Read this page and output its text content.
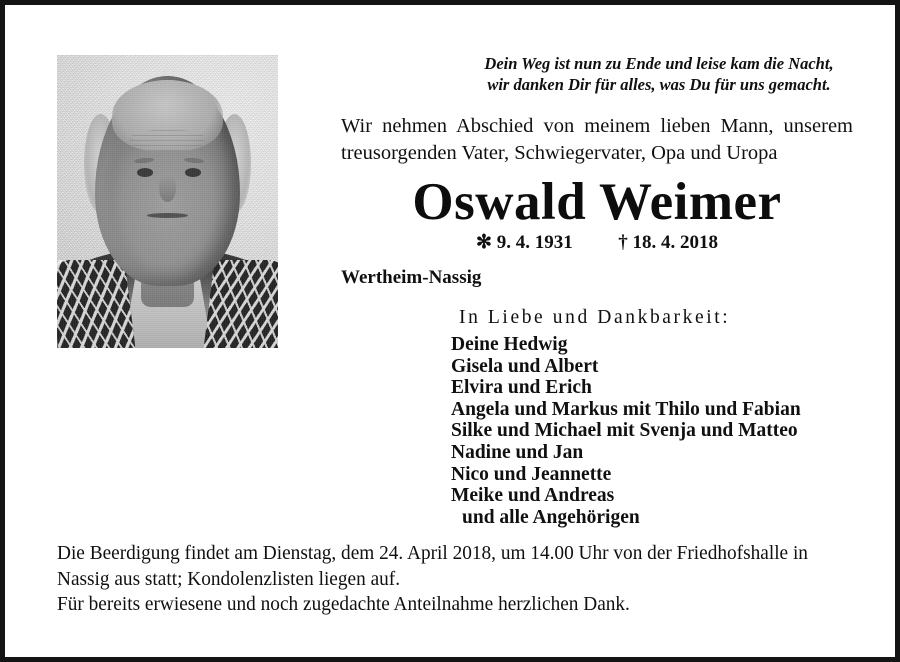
Dein Weg ist nun zu Ende und leise kam die Nacht,
wir danken Dir für alles, was Du für uns gemacht.
Wir nehmen Abschied von meinem lieben Mann, unserem treusorgenden Vater, Schwiegervater, Opa und Uropa
Oswald Weimer
✻ 9. 4. 1931 † 18. 4. 2018
Wertheim-Nassig
In Liebe und Dankbarkeit:
Deine Hedwig
Gisela und Albert
Elvira und Erich
Angela und Markus mit Thilo und Fabian
Silke und Michael mit Svenja und Matteo
Nadine und Jan
Nico und Jeannette
Meike und Andreas
und alle Angehörigen

Die Beerdigung findet am Dienstag, dem 24. April 2018, um 14.00 Uhr von der Friedhofshalle in Nassig aus statt; Kondolenzlisten liegen auf.

Für bereits erwiesene und noch zugedachte Anteilnahme herzlichen Dank.
